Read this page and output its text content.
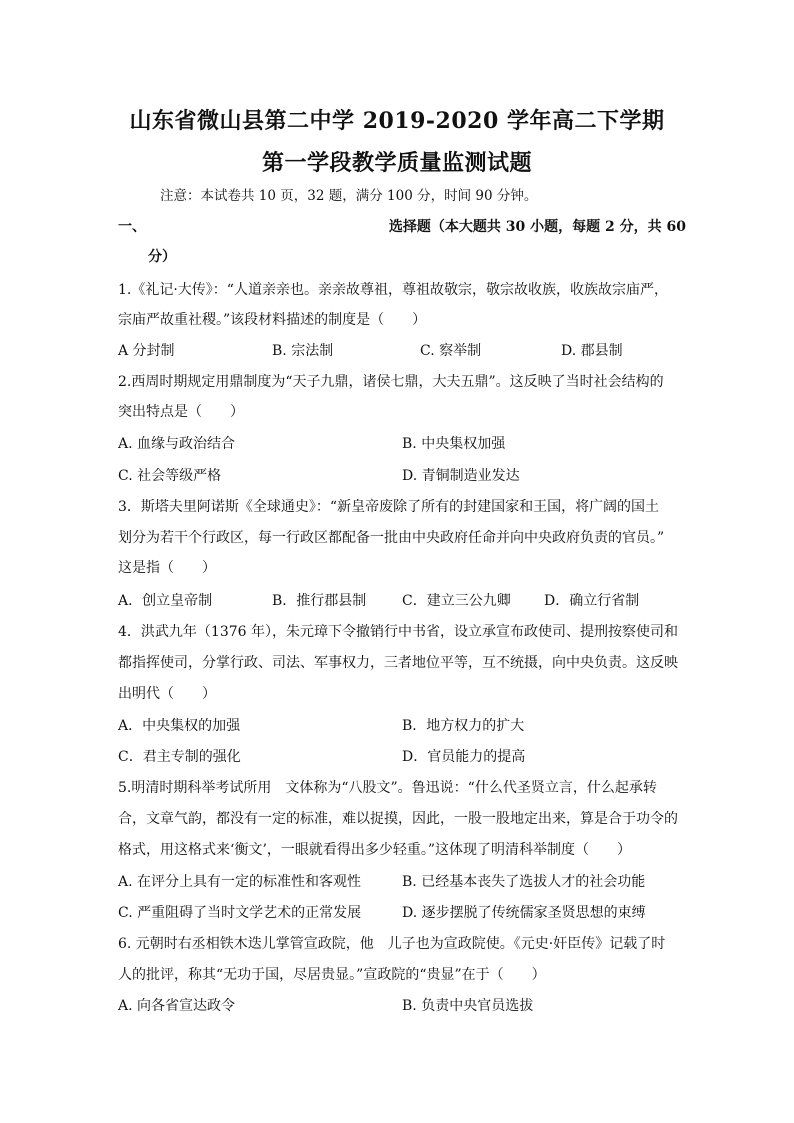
山东省微山县第二中学 2019-2020 学年高二下学期
第一学段教学质量监测试题
注意：本试卷共 10 页，32 题，满分 100 分，时间 90 分钟。
一、	选择题（本大题共 30 小题，每题 2 分，共 60
分）
1.《礼记·大传》：“人道亲亲也。亲亲故尊祖，尊祖故敬宗，敬宗故收族，收族故宗庙严，
宗庙严故重社稷。”该段材料描述的制度是（　　）
A 分封制	B. 宗法制	C. 察举制	D. 郡县制
2.西周时期规定用鼎制度为“天子九鼎，诸侯七鼎，大夫五鼎”。这反映了当时社会结构的
突出特点是（　　）
A. 血缘与政治结合	B. 中央集权加强
C. 社会等级严格	D. 青铜制造业发达
3．斯塔夫里阿诺斯《全球通史》：“新皇帝废除了所有的封建国家和王国，将广阔的国土
划分为若干个行政区，每一行政区都配备一批由中央政府任命并向中央政府负责的官员。”
这是指（　　）
A．创立皇帝制	B．推行郡县制	C．建立三公九卿 D．确立行省制
4．洪武九年（1376 年），朱元璋下令撤销行中书省，设立承宣布政使司、提刑按察使司和
都指挥使司，分掌行政、司法、军事权力，三者地位平等，互不统摄，向中央负责。这反映
出明代（　　）
A．中央集权的加强	B．地方权力的扩大
C．君主专制的强化	D．官员能力的提高
5.明清时期科举考试所用　文体称为“八股文”。鲁迅说：“什么代圣贤立言，什么起承转
合，文章气韵，都没有一定的标准，难以捉摸，因此，一股一股地定出来，算是合于功令的
格式，用这格式来‘衡文’，一眼就看得出多少轻重。”这体现了明清科举制度（　　）
A. 在评分上具有一定的标准性和客观性	B. 已经基本丧失了选拔人才的社会功能
C. 严重阻碍了当时文学艺术的正常发展	D. 逐步摆脱了传统儒家圣贤思想的束缚
6. 元朝时右丞相铁木迭儿掌管宣政院，他　儿子也为宣政院使。《元史·奸臣传》记载了时
人的批评，称其“无功于国，尽居贵显。”宣政院的“贵显”在于（　　）
A. 向各省宣达政令	B. 负责中央官员选拔
